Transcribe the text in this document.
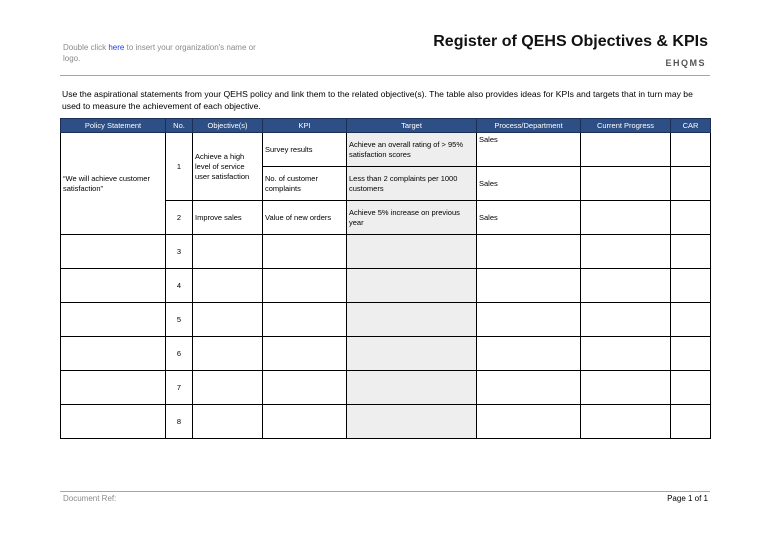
Double click here to insert your organization's name or logo.
Register of QEHS Objectives & KPIs
EHQMS
Use the aspirational statements from your QEHS policy and link them to the related objective(s). The table also provides ideas for KPIs and targets that in turn may be used to measure the achievement of each objective.
Policy Statement	No.	Objective(s)	KPI	Target	Process/Department	Current Progress	CAR
“We will achieve customer satisfaction”	1	Achieve a high level of service user satisfaction	Survey results	Achieve an overall rating of > 95% satisfaction scores	Sales		
			No. of customer complaints	Less than 2 complaints per 1000 customers	Sales		
	2	Improve sales	Value of new orders	Achieve 5% increase on previous year	Sales		
	3						
	4						
	5						
	6						
	7						
	8						
Document Ref:	Page 1 of 1
